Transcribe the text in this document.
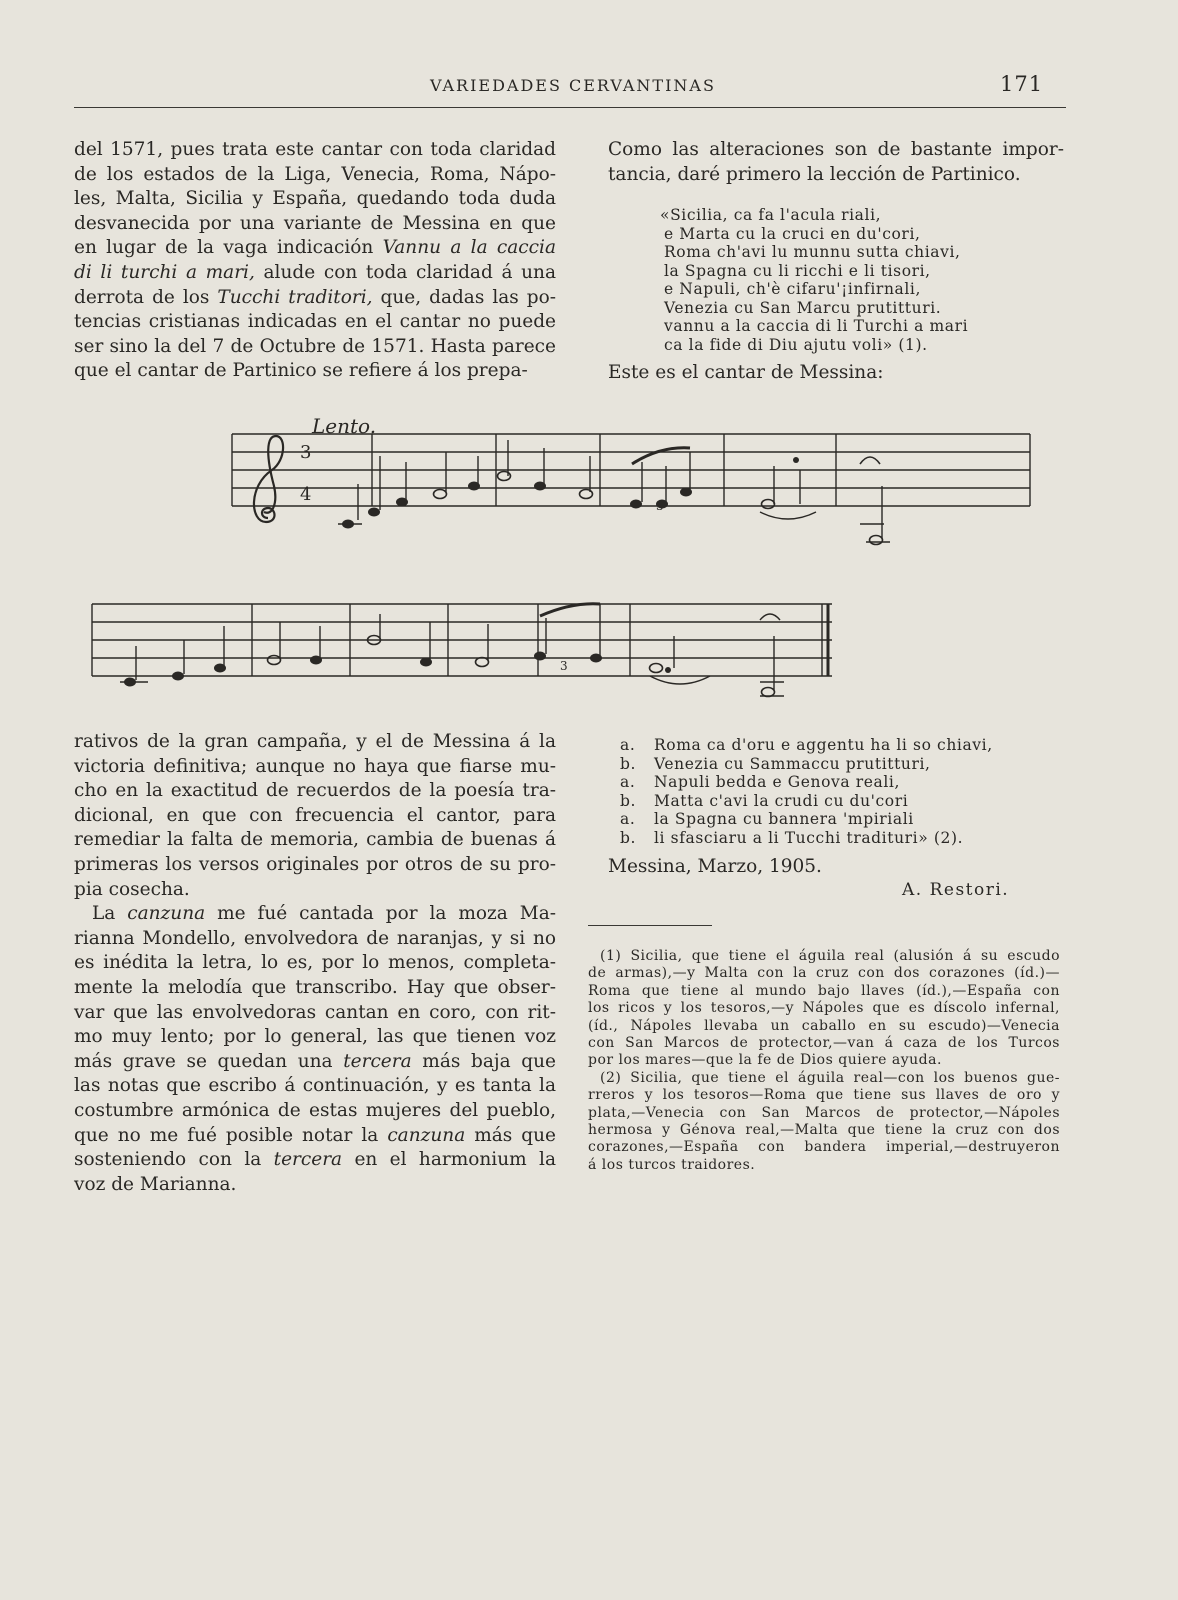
VARIEDADES CERVANTINAS	171
del 1571, pues trata este cantar con toda claridad
de los estados de la Liga, Venecia, Roma, Nápo-
les, Malta, Sicilia y España, quedando toda duda
desvanecida por una variante de Messina en que
en lugar de la vaga indicación Vannu a la caccia
di li turchi a mari, alude con toda claridad á una
derrota de los Tucchi traditori, que, dadas las po-
tencias cristianas indicadas en el cantar no puede
ser sino la del 7 de Octubre de 1571. Hasta parece
que el cantar de Partinico se refiere á los prepa-
Como las alteraciones son de bastante impor-
tancia, daré primero la lección de Partinico.
«Sicilia, ca fa l'acula riali,
e Marta cu la cruci en du'cori,
Roma ch'avi lu munnu sutta chiavi,
la Spagna cu li ricchi e li tisori,
e Napuli, ch'è cifaru'¡infirnali,
Venezia cu San Marcu prutitturi.
vannu a la caccia di li Turchi a mari
ca la fide di Diu ajutu voli» (1).
Este es el cantar de Messina:
Lento.
3
4
3
3
rativos de la gran campaña, y el de Messina á la
victoria definitiva; aunque no haya que fiarse mu-
cho en la exactitud de recuerdos de la poesía tra-
dicional, en que con frecuencia el cantor, para
remediar la falta de memoria, cambia de buenas á
primeras los versos originales por otros de su pro-
pia cosecha.
La canzuna me fué cantada por la moza Ma-
rianna Mondello, envolvedora de naranjas, y si no
es inédita la letra, lo es, por lo menos, completa-
mente la melodía que transcribo. Hay que obser-
var que las envolvedoras cantan en coro, con rit-
mo muy lento; por lo general, las que tienen voz
más grave se quedan una tercera más baja que
las notas que escribo á continuación, y es tanta la
costumbre armónica de estas mujeres del pueblo,
que no me fué posible notar la canzuna más que
sosteniendo con la tercera en el harmonium la
voz de Marianna.
a. Roma ca d'oru e aggentu ha li so chiavi,
b. Venezia cu Sammaccu prutitturi,
a. Napuli bedda e Genova reali,
b. Matta c'avi la crudi cu du'cori
a. la Spagna cu bannera 'mpiriali
b. li sfasciaru a li Tucchi tradituri» (2).
Messina, Marzo, 1905.
A. Restori.
(1) Sicilia, que tiene el águila real (alusión á su escudo
de armas),—y Malta con la cruz con dos corazones (íd.)—
Roma que tiene al mundo bajo llaves (íd.),—España con
los ricos y los tesoros,—y Nápoles que es díscolo infernal,
(íd., Nápoles llevaba un caballo en su escudo)—Venecia
con San Marcos de protector,—van á caza de los Turcos
por los mares—que la fe de Dios quiere ayuda.
(2) Sicilia, que tiene el águila real—con los buenos gue-
rreros y los tesoros—Roma que tiene sus llaves de oro y
plata,—Venecia con San Marcos de protector,—Nápoles
hermosa y Génova real,—Malta que tiene la cruz con dos
corazones,—España con bandera imperial,—destruyeron
á los turcos traidores.
